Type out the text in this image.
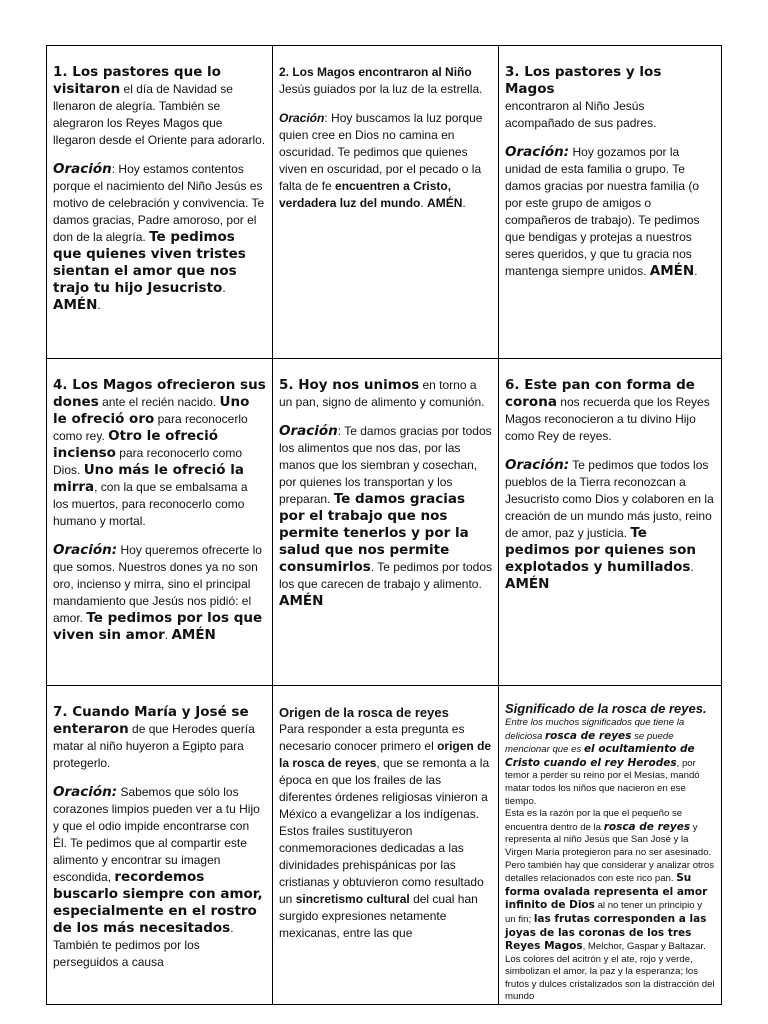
1. Los pastores que lo visitaron el día de Navidad se llenaron de alegría. También se alegraron los Reyes Magos que llegaron desde el Oriente para adorarlo.
Oración: Hoy estamos contentos porque el nacimiento del Niño Jesús es motivo de celebración y convivencia. Te damos gracias, Padre amoroso, por el don de la alegría. Te pedimos que quienes viven tristes sientan el amor que nos trajo tu hijo Jesucristo. AMÉN.
2. Los Magos encontraron al Niño Jesús guiados por la luz de la estrella.
Oración: Hoy buscamos la luz porque quien cree en Dios no camina en oscuridad. Te pedimos que quienes viven en oscuridad, por el pecado o la falta de fe encuentren a Cristo, verdadera luz del mundo. AMÉN.
3. Los pastores y los Magos
encontraron al Niño Jesús acompañado de sus padres.
Oración: Hoy gozamos por la unidad de esta familia o grupo. Te damos gracias por nuestra familia (o por este grupo de amigos o compañeros de trabajo). Te pedimos que bendigas y protejas a nuestros seres queridos, y que tu gracia nos mantenga siempre unidos. AMÉN.
4. Los Magos ofrecieron sus dones ante el recién nacido. Uno le ofreció oro para reconocerlo como rey. Otro le ofreció incienso para reconocerlo como Dios. Uno más le ofreció la mirra, con la que se embalsama a los muertos, para reconocerlo como humano y mortal.
Oración: Hoy queremos ofrecerte lo que somos. Nuestros dones ya no son oro, incienso y mirra, sino el principal mandamiento que Jesús nos pidió: el amor. Te pedimos por los que viven sin amor. AMÉN
5. Hoy nos unimos en torno a un pan, signo de alimento y comunión.
Oración: Te damos gracias por todos los alimentos que nos das, por las manos que los siembran y cosechan, por quienes los transportan y los preparan. Te damos gracias por el trabajo que nos permite tenerlos y por la salud que nos permite consumirlos. Te pedimos por todos los que carecen de trabajo y alimento. AMÉN
6. Este pan con forma de corona nos recuerda que los Reyes Magos reconocieron a tu divino Hijo como Rey de reyes.
Oración: Te pedimos que todos los pueblos de la Tierra reconozcan a Jesucristo como Dios y colaboren en la creación de un mundo más justo, reino de amor, paz y justicia. Te pedimos por quienes son explotados y humillados. AMÉN
7. Cuando María y José se enteraron de que Herodes quería matar al niño huyeron a Egipto para protegerlo.
Oración: Sabemos que sólo los corazones limpios pueden ver a tu Hijo y que el odio impide encontrarse con Él. Te pedimos que al compartir este alimento y encontrar su imagen escondida, recordemos buscarlo siempre con amor, especialmente en el rostro de los más necesitados. También te pedimos por los perseguidos a causa
Origen de la rosca de reyes
Para responder a esta pregunta es necesario conocer primero el origen de la rosca de reyes, que se remonta a la época en que los frailes de las diferentes órdenes religiosas vinieron a México a evangelizar a los indígenas.
Estos frailes sustituyeron conmemoraciones dedicadas a las divinidades prehispánicas por las cristianas y obtuvieron como resultado un sincretismo cultural del cual han surgido expresiones netamente mexicanas, entre las que
Significado de la rosca de reyes.
Entre los muchos significados que tiene la deliciosa rosca de reyes se puede mencionar que es el ocultamiento de Cristo cuando el rey Herodes, por temor a perder su reino por el Mesías, mandó matar todos los niños que nacieron en ese tiempo.
Esta es la razón por la que el pequeño se encuentra dentro de la rosca de reyes y representa al niño Jesús que San José y la Virgen María protegieron para no ser asesinado.
Pero también hay que considerar y analizar otros detalles relacionados con este rico pan. Su forma ovalada representa el amor infinito de Dios al no tener un principio y un fin; las frutas corresponden a las joyas de las coronas de los tres Reyes Magos, Melchor, Gaspar y Baltazar.
Los colores del acitrón y el ate, rojo y verde, simbolizan el amor, la paz y la esperanza; los frutos y dulces cristalizados son la distracción del mundo
